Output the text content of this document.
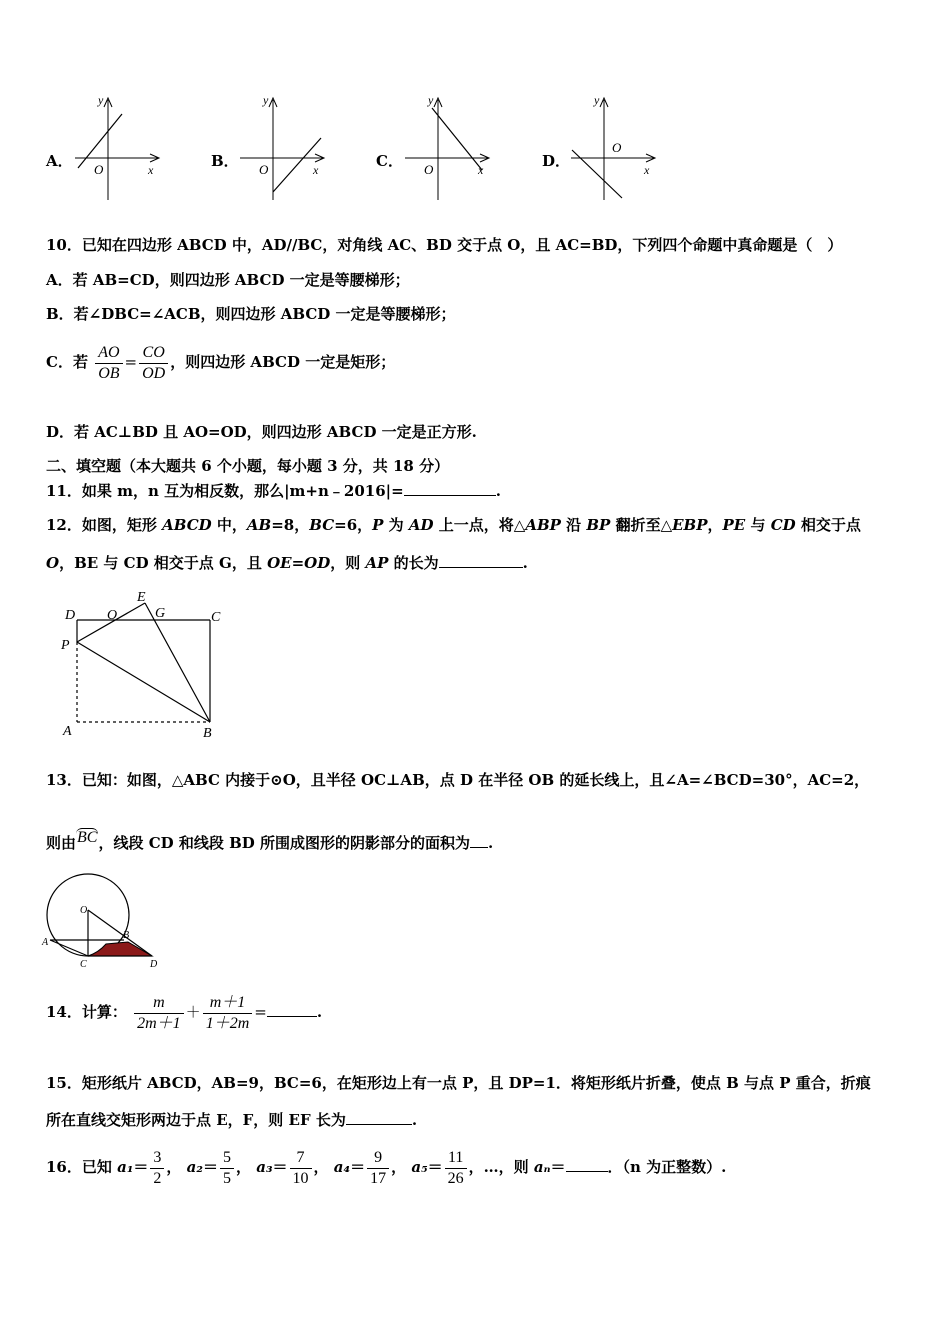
A．
y
O	x	B．
y
O	x	C．
y
O	x	D．
y
O
x
10．已知在四边形 ABCD 中，AD//BC，对角线 AC、BD 交于点 O，且 AC=BD，下列四个命题中真命题是（　）
A．若 AB=CD，则四边形 ABCD 一定是等腰梯形；
B．若∠DBC=∠ACB，则四边形 ABCD 一定是等腰梯形；
C．若 $\frac{AO}{OB} = \frac{CO}{OD}$ ，则四边形 ABCD 一定是矩形；
D．若 AC⊥BD 且 AO=OD，则四边形 ABCD 一定是正方形.
二、填空题（本大题共 6 个小题，每小题 3 分，共 18 分）
11．如果 m，n 互为相反数，那么|m+n﹣2016|=	.
12．如图，矩形 ABCD 中，AB=8，BC=6，P 为 AD 上一点，将△ABP 沿 BP 翻折至△EBP，PE 与 CD 相交于点
O，BE 与 CD 相交于点 G，且 OE=OD，则 AP 的长为	.
D O
E
G	C
P
A	B
13．已知：如图，△ABC 内接于⊙O，且半径 OC⊥AB，点 D 在半径 OB 的延长线上，且∠A=∠BCD=30°，AC=2，
则由BC，线段 CD 和线段 BD 所围成图形的阴影部分的面积为 .
O
A
B
C	D
14．计算： $\frac{m}{2m+1} + \frac{m+1}{1+2m}$ =	.
15．矩形纸片 ABCD，AB=9，BC=6，在矩形边上有一点 P，且 DP=1．将矩形纸片折叠，使点 B 与点 P 重合，折痕
所在直线交矩形两边于点 E，F，则 EF 长为	.
16．已知 $a_1= \frac{3}{2}$ ， $a_2= \frac{5}{5}$ ， $a_3= \frac{7}{10}$ ， $a_4= \frac{9}{17}$ ， $a_5= \frac{11}{26}$ ，…，则 aₙ＝	．（n 为正整数）.
